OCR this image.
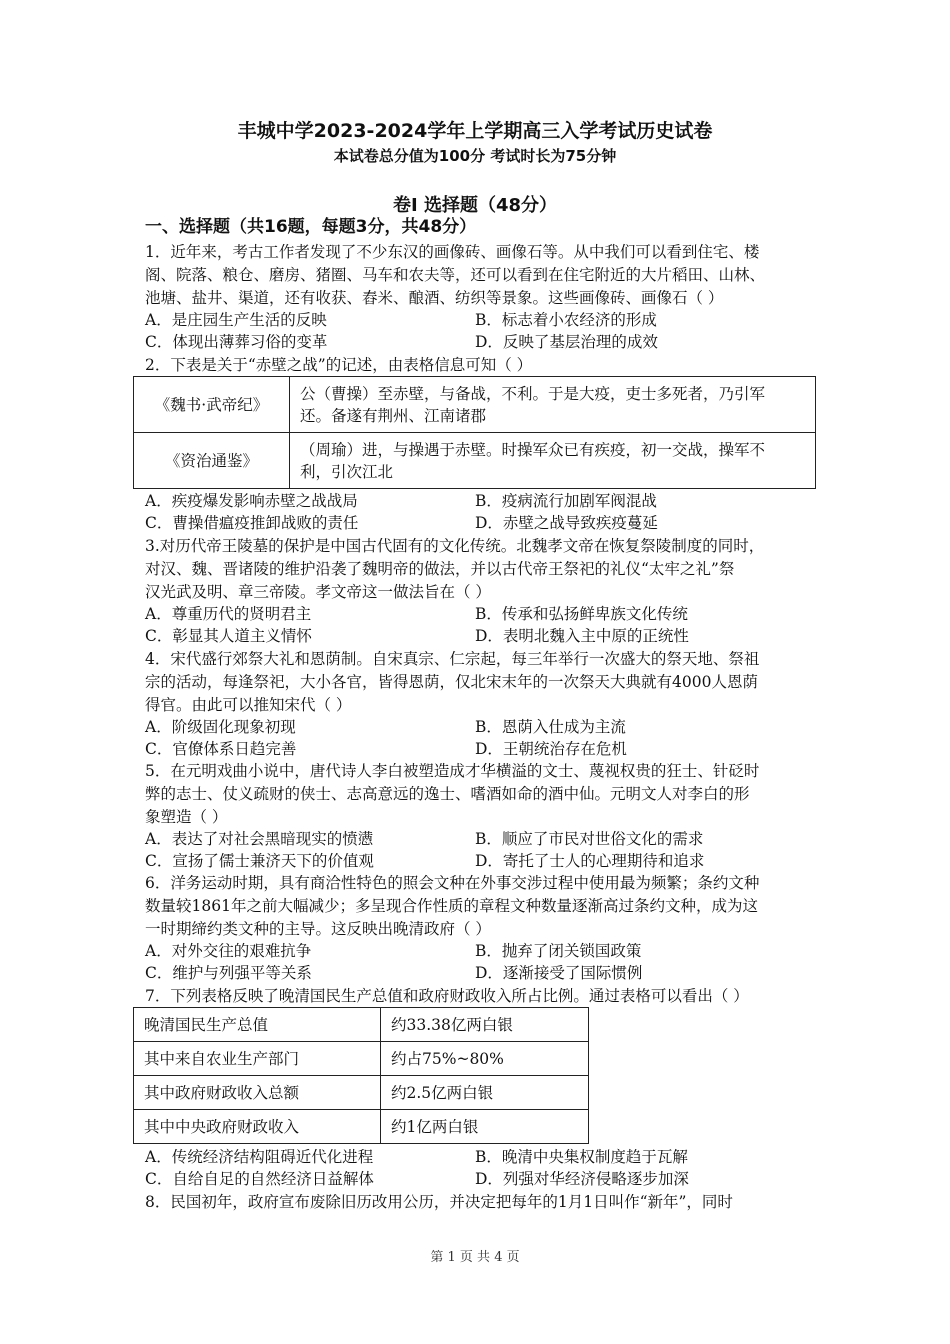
丰城中学2023-2024学年上学期高三入学考试历史试卷
本试卷总分值为100分 考试时长为75分钟
卷Ⅰ 选择题（48分）
一、选择题（共16题，每题3分，共48分）
1．近年来，考古工作者发现了不少东汉的画像砖、画像石等。从中我们可以看到住宅、楼
阁、院落、粮仓、磨房、猪圈、马车和农夫等，还可以看到在住宅附近的大片稻田、山林、
池塘、盐井、渠道，还有收获、舂米、酿酒、纺织等景象。这些画像砖、画像石（ ）
A．是庄园生产生活的反映	B．标志着小农经济的形成
C．体现出薄葬习俗的变革	D．反映了基层治理的成效
2．下表是关于“赤壁之战”的记述，由表格信息可知（ ）
《魏书·武帝纪》	公（曹操）至赤壁，与备战，不利。于是大疫，吏士多死者，乃引军
还。备遂有荆州、江南诸郡

《资治通鉴》	（周瑜）进，与操遇于赤壁。时操军众已有疾疫，初一交战，操军不
利，引次江北
A．疾疫爆发影响赤壁之战战局	B．疫病流行加剧军阀混战
C．曹操借瘟疫推卸战败的责任	D．赤壁之战导致疾疫蔓延
3.对历代帝王陵墓的保护是中国古代固有的文化传统。北魏孝文帝在恢复祭陵制度的同时，
对汉、魏、晋诸陵的维护沿袭了魏明帝的做法，并以古代帝王祭祀的礼仪“太牢之礼”祭
汉光武及明、章三帝陵。孝文帝这一做法旨在（ ）
A．尊重历代的贤明君主	B．传承和弘扬鲜卑族文化传统
C．彰显其人道主义情怀	D．表明北魏入主中原的正统性
4．宋代盛行郊祭大礼和恩荫制。自宋真宗、仁宗起，每三年举行一次盛大的祭天地、祭祖
宗的活动，每逢祭祀，大小各官，皆得恩荫，仅北宋末年的一次祭天大典就有4000人恩荫
得官。由此可以推知宋代（ ）
A．阶级固化现象初现	B．恩荫入仕成为主流
C．官僚体系日趋完善	D．王朝统治存在危机
5．在元明戏曲小说中，唐代诗人李白被塑造成才华横溢的文士、蔑视权贵的狂士、针砭时
弊的志士、仗义疏财的侠士、志高意远的逸士、嗜酒如命的酒中仙。元明文人对李白的形
象塑造（ ）
A．表达了对社会黑暗现实的愤懑	B．顺应了市民对世俗文化的需求
C．宣扬了儒士兼济天下的价值观	D．寄托了士人的心理期待和追求
6．洋务运动时期，具有商洽性特色的照会文种在外事交涉过程中使用最为频繁；条约文种
数量较1861年之前大幅减少；多呈现合作性质的章程文种数量逐渐高过条约文种，成为这
一时期缔约类文种的主导。这反映出晚清政府（ ）
A．对外交往的艰难抗争	B．抛弃了闭关锁国政策
C．维护与列强平等关系	D．逐渐接受了国际惯例
7．下列表格反映了晚清国民生产总值和政府财政收入所占比例。通过表格可以看出（ ）
晚清国民生产总值	约33.38亿两白银
其中来自农业生产部门	约占75%~80%
其中政府财政收入总额	约2.5亿两白银
其中中央政府财政收入	约1亿两白银
A．传统经济结构阻碍近代化进程	B．晚清中央集权制度趋于瓦解
C．自给自足的自然经济日益解体	D．列强对华经济侵略逐步加深
8．民国初年，政府宣布废除旧历改用公历，并决定把每年的1月1日叫作“新年”，同时
第 1 页 共 4 页
